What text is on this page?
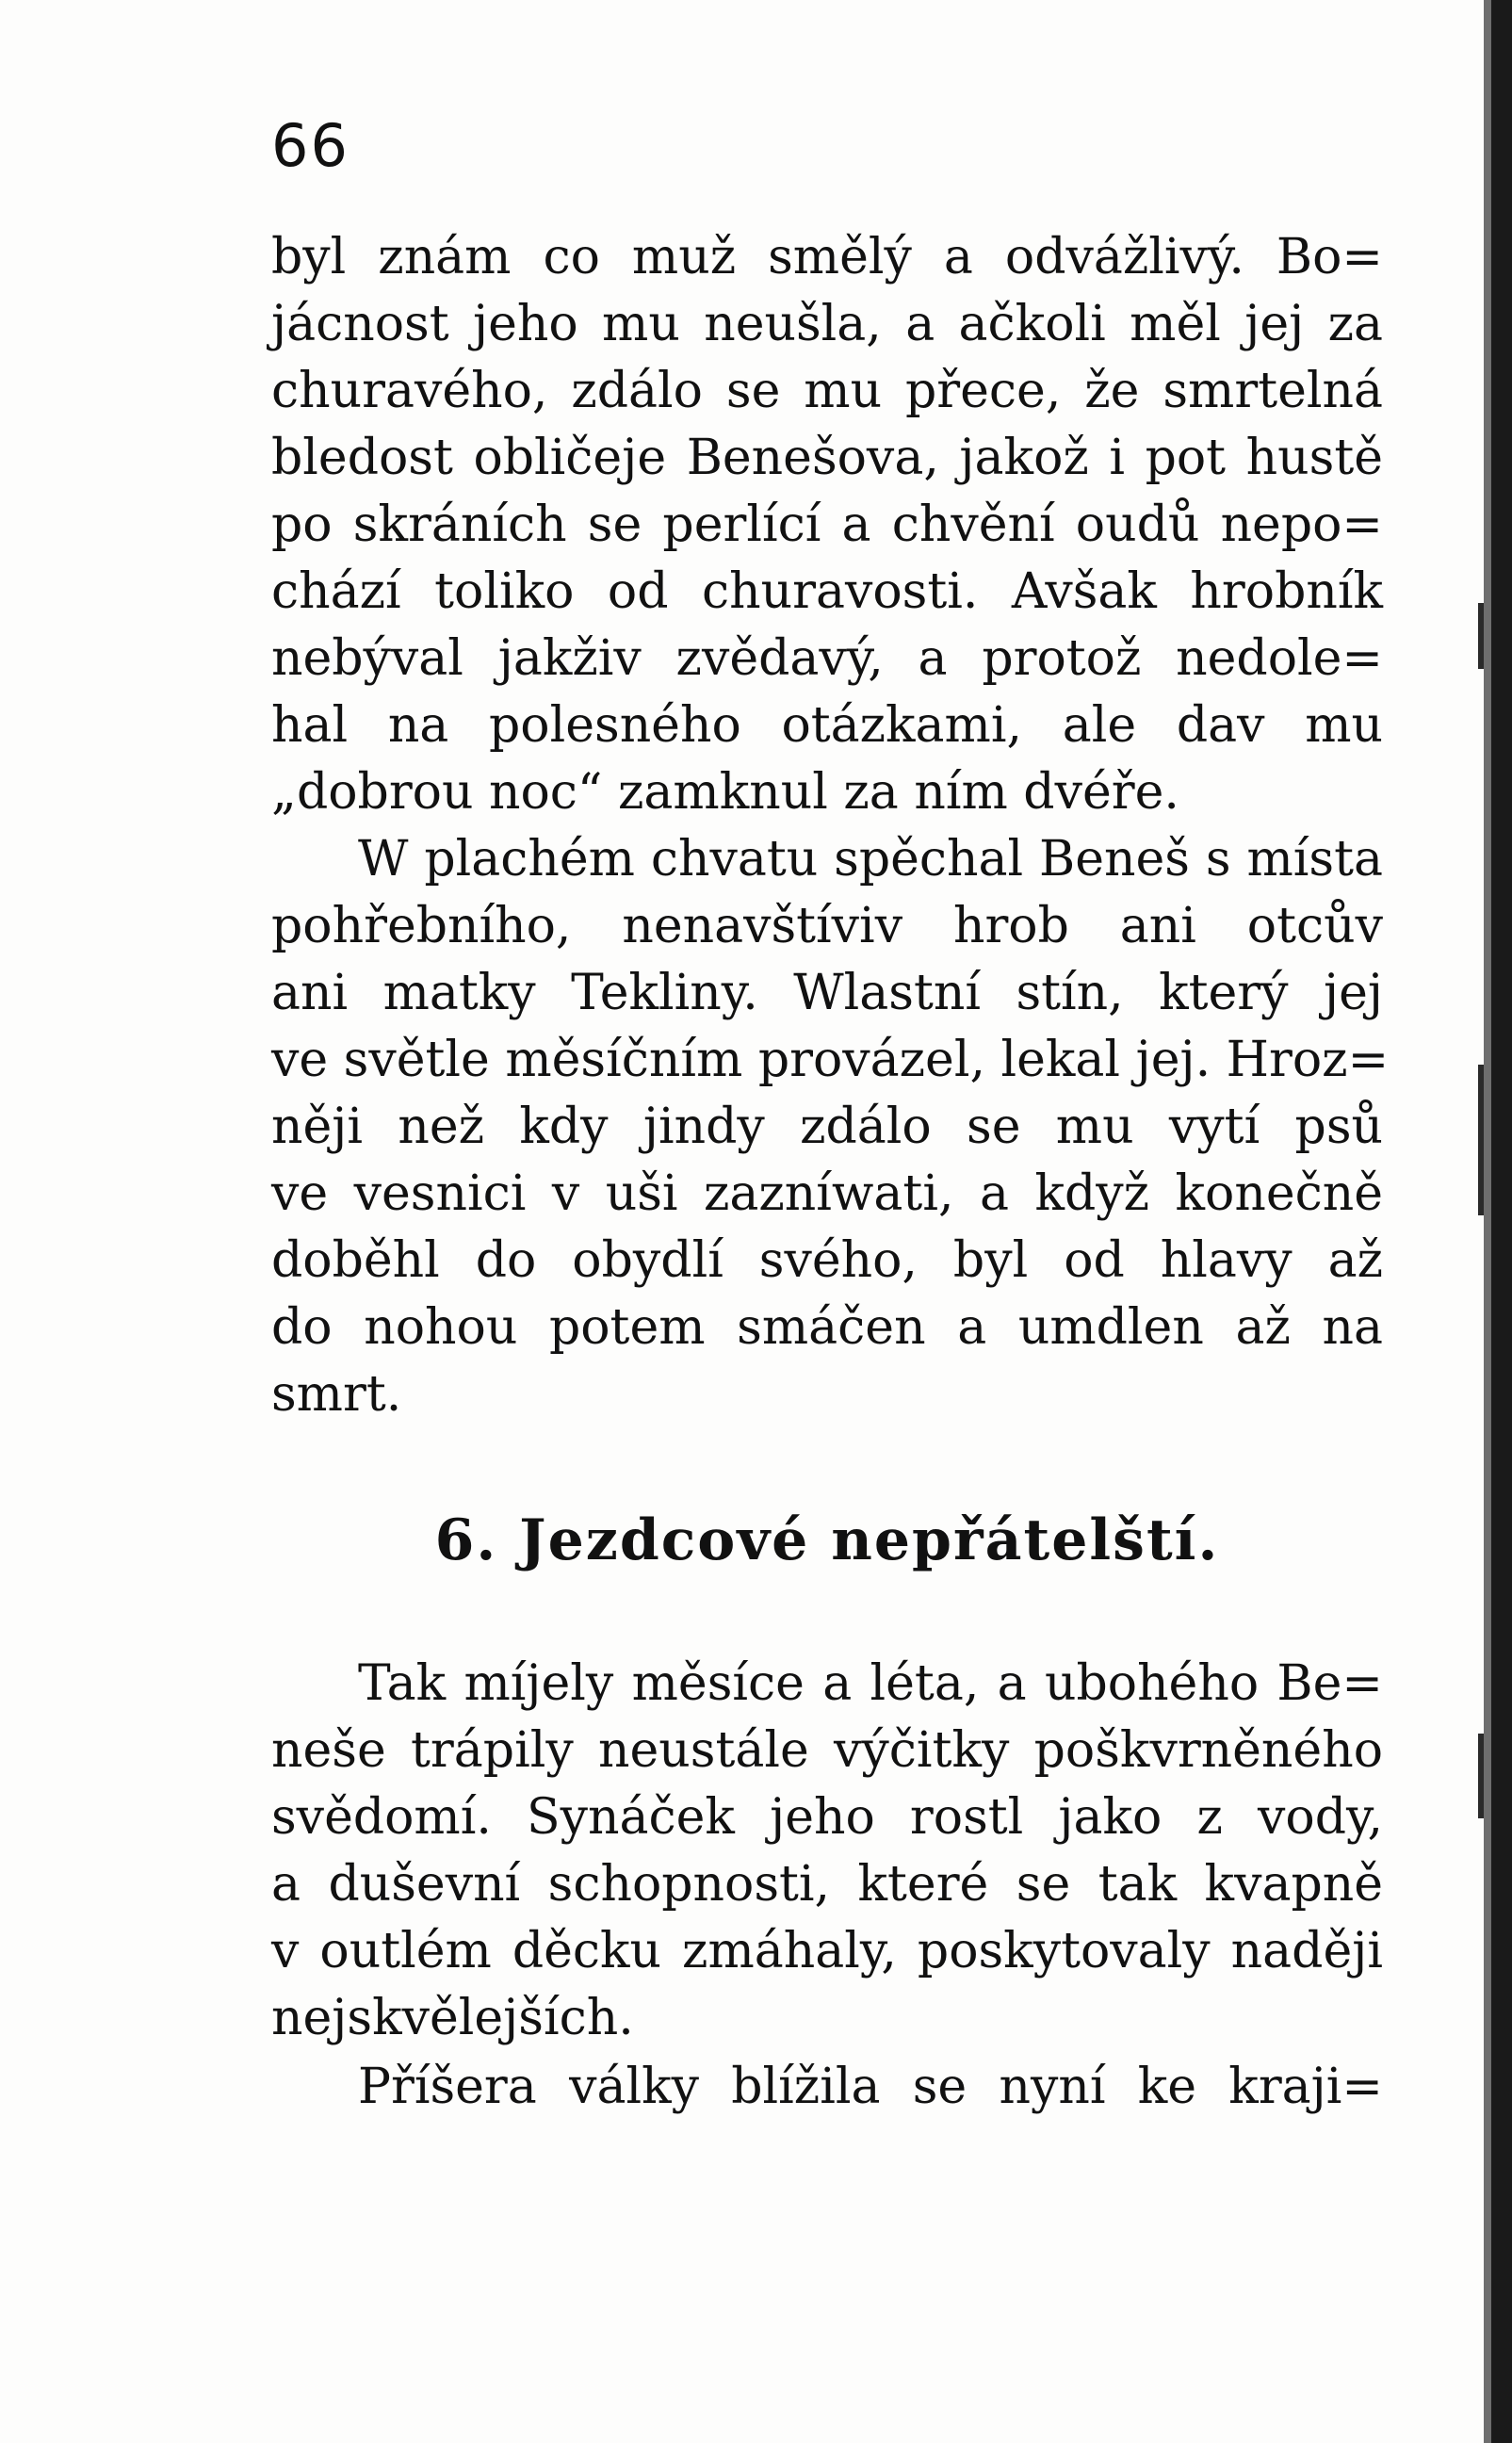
66
byl znám co muž smělý a odvážlivý. Bo=
jácnost jeho mu neušla, a ačkoli měl jej za
churavého, zdálo se mu přece, že smrtelná
bledost obličeje Benešova, jakož i pot hustě
po skráních se perlící a chvění oudů nepo=
chází toliko od churavosti. Avšak hrobník
nebýval jakživ zvědavý, a protož nedole=
hal na polesného otázkami, ale dav mu
„dobrou noc“ zamknul za ním dvéře.
W plachém chvatu spěchal Beneš s místa
pohřebního, nenavštíviv hrob ani otcův
ani matky Tekliny. Wlastní stín, který jej
ve světle měsíčním provázel, lekal jej. Hroz=
něji než kdy jindy zdálo se mu vytí psů
ve vesnici v uši zazníwati, a když konečně
doběhl do obydlí svého, byl od hlavy až
do nohou potem smáčen a umdlen až na
smrt.
6. Jezdcové nepřátelští.
Tak míjely měsíce a léta, a ubohého Be=
neše trápily neustále výčitky poškvrněného
svědomí. Synáček jeho rostl jako z vody,
a duševní schopnosti, které se tak kvapně
v outlém děcku zmáhaly, poskytovaly naději
nejskvělejších.
Příšera války blížila se nyní ke kraji=
